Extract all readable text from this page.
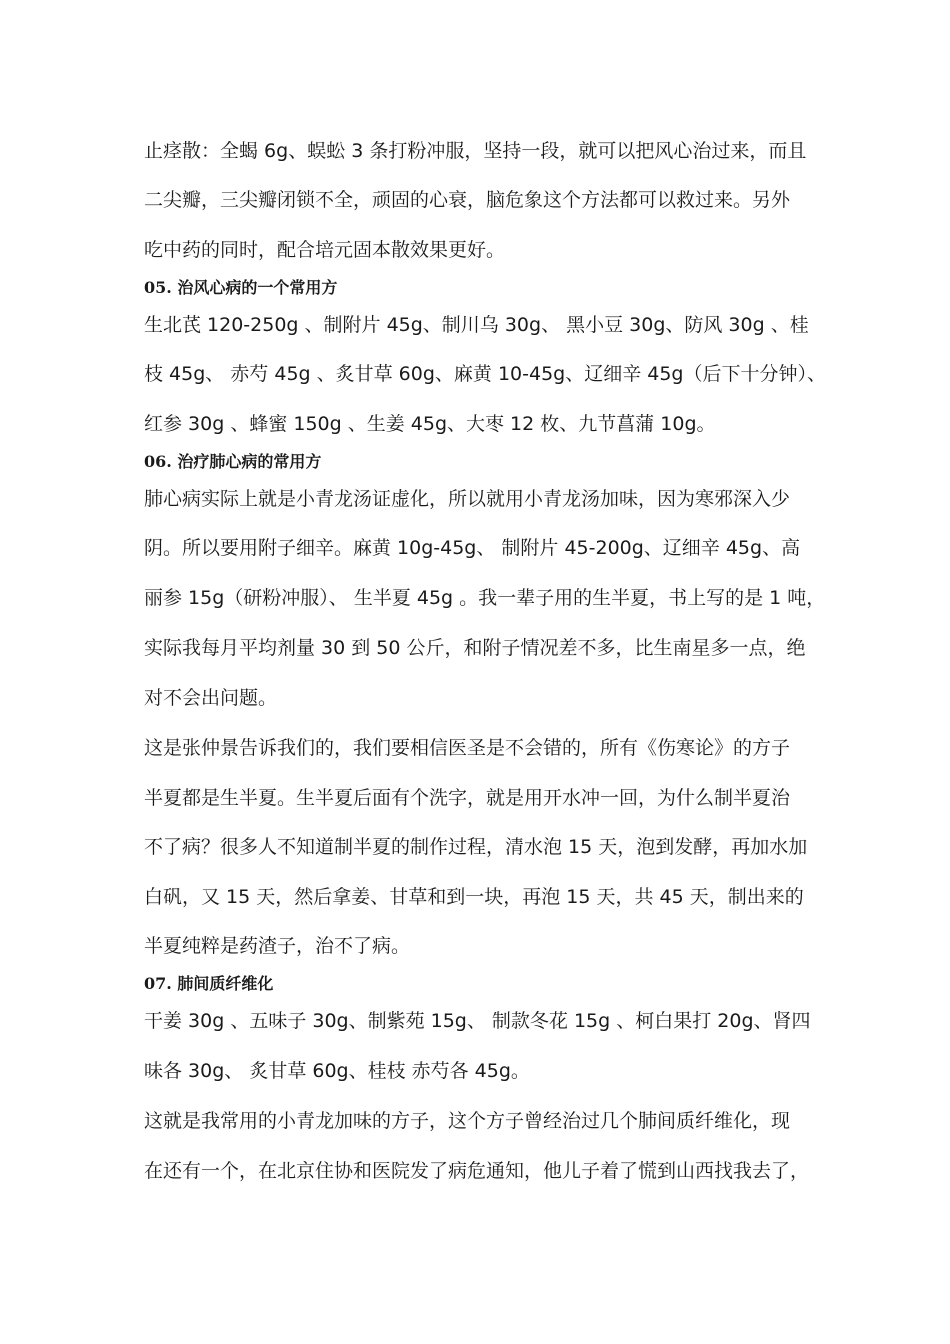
止痉散：全蝎 6g、蜈蚣 3 条打粉冲服，坚持一段，就可以把风心治过来，而且
二尖瓣，三尖瓣闭锁不全，顽固的心衰，脑危象这个方法都可以救过来。另外
吃中药的同时，配合培元固本散效果更好。
05. 治风心病的一个常用方
生北芪 120-250g 、制附片 45g、制川乌 30g、 黑小豆 30g、防风 30g 、桂
枝 45g、 赤芍 45g 、炙甘草 60g、麻黄 10-45g、辽细辛 45g（后下十分钟）、
红参 30g 、蜂蜜 150g 、生姜 45g、大枣 12 枚、九节菖蒲 10g。
06. 治疗肺心病的常用方
肺心病实际上就是小青龙汤证虚化，所以就用小青龙汤加味，因为寒邪深入少
阴。所以要用附子细辛。麻黄 10g-45g、 制附片 45-200g、辽细辛 45g、高
丽参 15g（研粉冲服）、 生半夏 45g 。我一辈子用的生半夏，书上写的是 1 吨，
实际我每月平均剂量 30 到 50 公斤，和附子情况差不多，比生南星多一点，绝
对不会出问题。
这是张仲景告诉我们的，我们要相信医圣是不会错的，所有《伤寒论》的方子
半夏都是生半夏。生半夏后面有个洗字，就是用开水冲一回，为什么制半夏治
不了病？很多人不知道制半夏的制作过程，清水泡 15 天，泡到发酵，再加水加
白矾，又 15 天，然后拿姜、甘草和到一块，再泡 15 天，共 45 天，制出来的
半夏纯粹是药渣子，治不了病。
07. 肺间质纤维化
干姜 30g 、五味子 30g、制紫苑 15g、 制款冬花 15g 、柯白果打 20g、肾四
味各 30g、 炙甘草 60g、桂枝 赤芍各 45g。
这就是我常用的小青龙加味的方子，这个方子曾经治过几个肺间质纤维化，现
在还有一个，在北京住协和医院发了病危通知，他儿子着了慌到山西找我去了，
